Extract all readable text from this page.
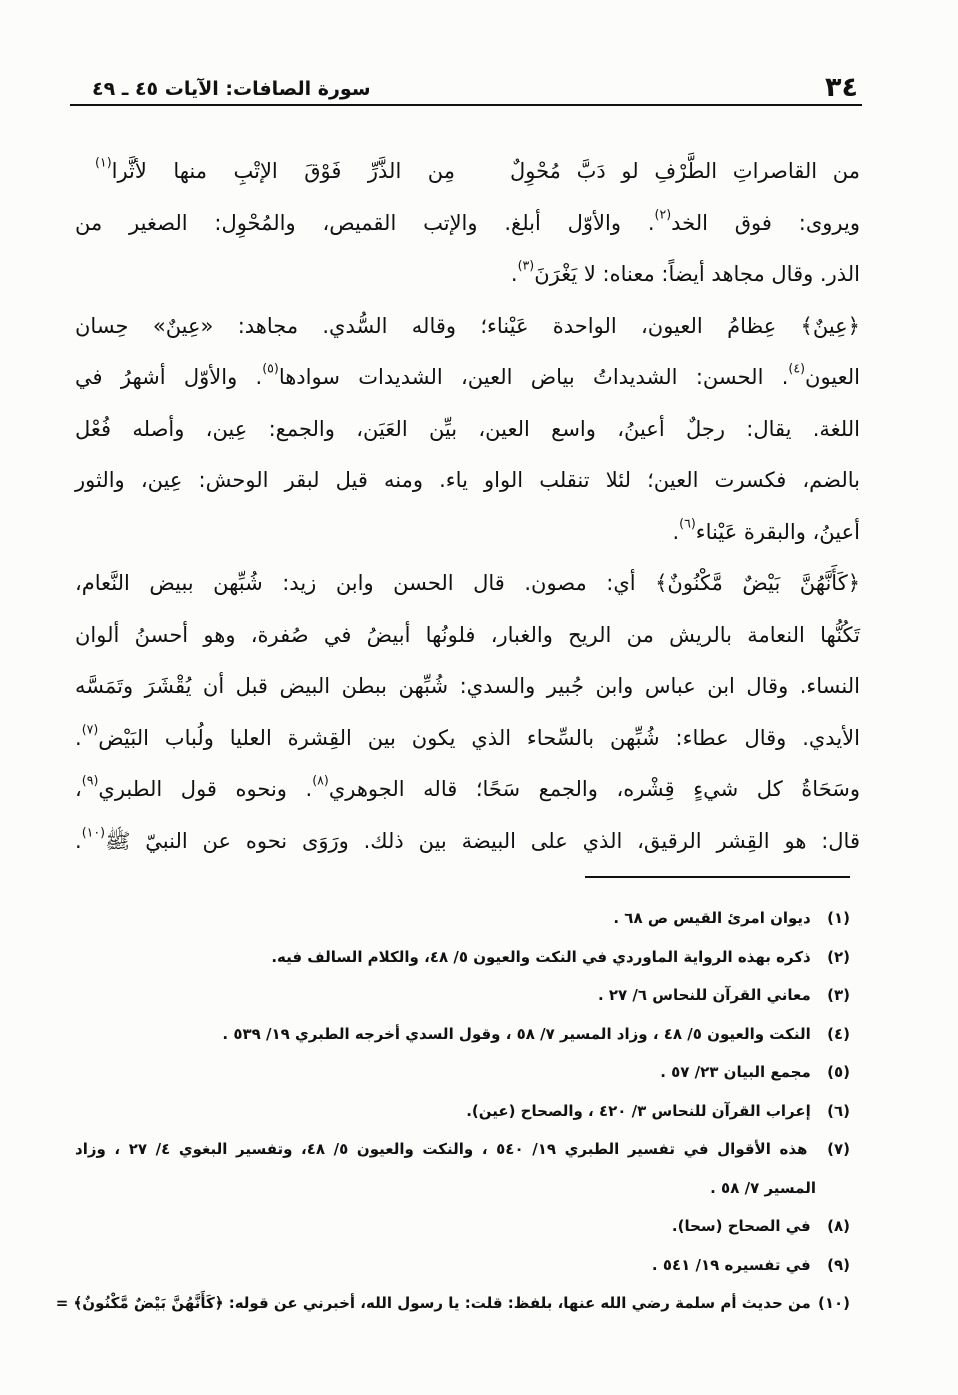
٣٤
سورة الصافات: الآيات ٤٥ ـ ٤٩
من القاصراتِ الطَّرْفِ لو دَبَّ مُحْوِلٌ
مِن الذَّرِّ فَوْقَ الإتْبِ منها لأثَّرا$^{(١)}$
ويروى: فوق الخد$^{(٢)}$. والأوّل أبلغ. والإتب القميص، والمُحْوِل: الصغير من
الذر. وقال مجاهد أيضاً: معناه: لا يَغْرَنَ$^{(٣)}$.
﴿عِينٌ﴾ عِظامُ العيون، الواحدة عَيْناء؛ وقاله السُّدي. مجاهد: «عِينٌ» حِسان
العيون$^{(٤)}$. الحسن: الشديداتُ بياض العين، الشديدات سوادها$^{(٥)}$. والأوّل أشهرُ في
اللغة. يقال: رجلٌ أعينُ، واسع العين، بيِّن العَيَن، والجمع: عِين، وأصله فُعْل
بالضم، فكسرت العين؛ لئلا تنقلب الواو ياء. ومنه قيل لبقر الوحش: عِين، والثور
أعينُ، والبقرة عَيْناء$^{(٦)}$.
﴿كَأَنَّهُنَّ بَيْضٌ مَّكْنُونٌ﴾ أي: مصون. قال الحسن وابن زيد: شُبِّهن ببيض النَّعام،
تَكُنُّها النعامة بالريش من الريح والغبار، فلونُها أبيضُ في صُفرة، وهو أحسنُ ألوان
النساء. وقال ابن عباس وابن جُبير والسدي: شُبِّهن ببطن البيض قبل أن يُقْشَرَ وتَمَسَّه
الأيدي. وقال عطاء: شُبِّهن بالسِّحاء الذي يكون بين القِشرة العليا ولُباب البَيْض$^{(٧)}$.
وسَحَاةُ كل شيءٍ قِشْره، والجمع سَحًا؛ قاله الجوهري$^{(٨)}$. ونحوه قول الطبري$^{(٩)}$،
قال: هو القِشر الرقيق، الذي على البيضة بين ذلك. ورَوَى نحوه عن النبيّ ﷺ$^{(١٠)}$.
(١) ديوان امرئ القيس ص ٦٨ .
(٢) ذكره بهذه الرواية الماوردي في النكت والعيون ٥/ ٤٨، والكلام السالف فيه.
(٣) معاني القرآن للنحاس ٦/ ٢٧ .
(٤) النكت والعيون ٥/ ٤٨ ، وزاد المسير ٧/ ٥٨ ، وقول السدي أخرجه الطبري ١٩/ ٥٣٩ .
(٥) مجمع البيان ٢٣/ ٥٧ .
(٦) إعراب القرآن للنحاس ٣/ ٤٢٠ ، والصحاح (عين).
(٧) هذه الأقوال في تفسير الطبري ١٩/ ٥٤٠ ، والنكت والعيون ٥/ ٤٨، وتفسير البغوي ٤/ ٢٧ ، وزاد
المسير ٧/ ٥٨ .
(٨) في الصحاح (سحا).
(٩) في تفسيره ١٩/ ٥٤١ .
(١٠) من حديث أم سلمة رضي الله عنها، بلفظ: قلت: يا رسول الله، أخبرني عن قوله: ﴿كَأَنَّهُنَّ بَيْضٌ مَّكْنُونٌ﴾ =
